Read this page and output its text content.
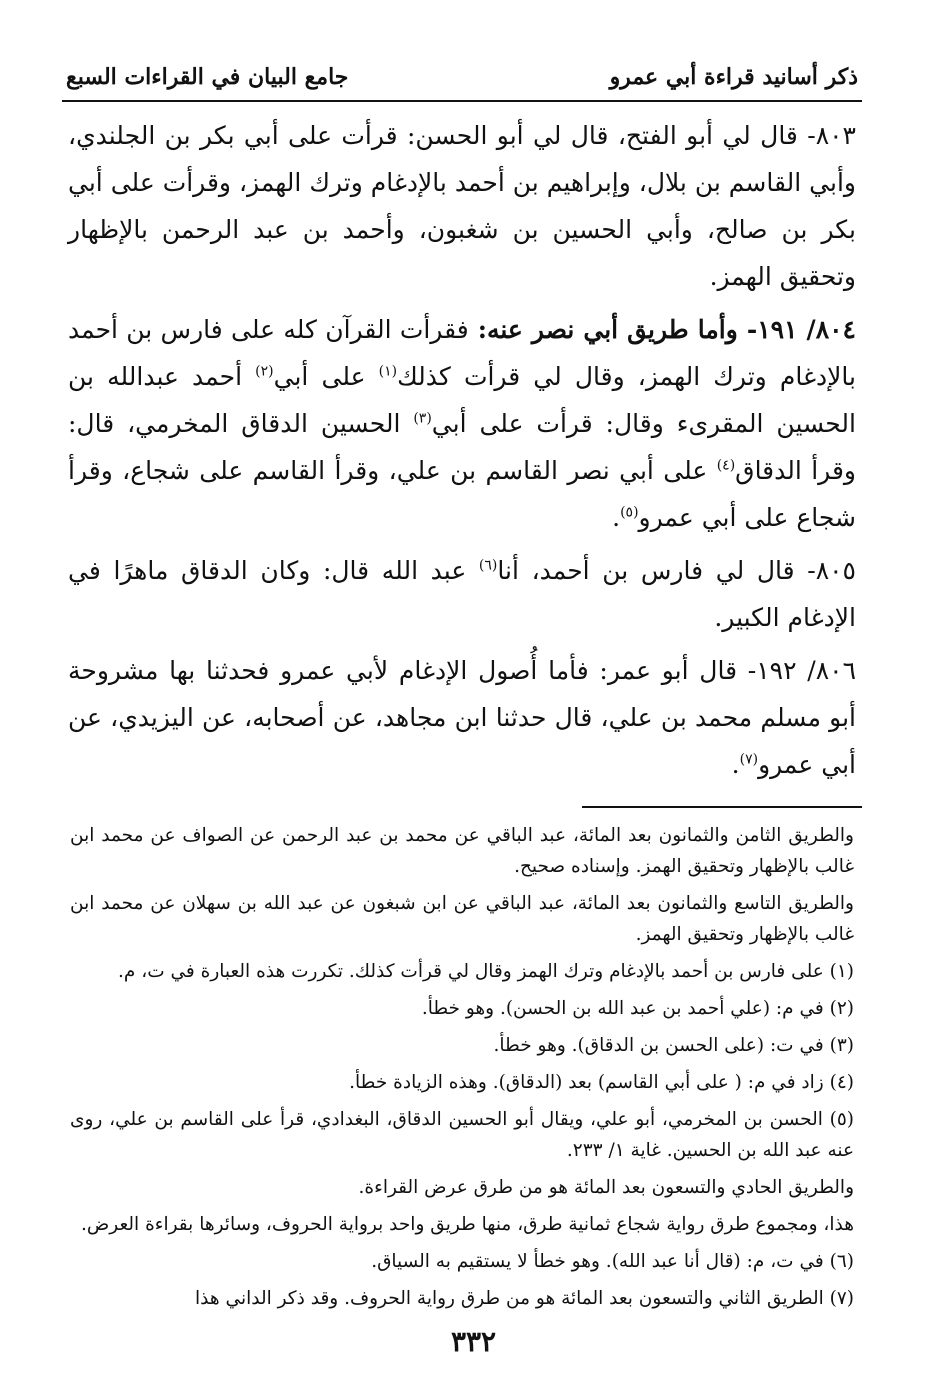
ذكر أسانيد قراءة أبي عمرو
جامع البيان في القراءات السبع

٨٠٣- قال لي أبو الفتح، قال لي أبو الحسن: قرأت على أبي بكر بن الجلندي، وأبي القاسم بن بلال، وإبراهيم بن أحمد بالإدغام وترك الهمز، وقرأت على أبي بكر بن صالح، وأبي الحسين بن شغبون، وأحمد بن عبد الرحمن بالإظهار وتحقيق الهمز.

٨٠٤/ ١٩١- وأما طريق أبي نصر عنه: فقرأت القرآن كله على فارس بن أحمد بالإدغام وترك الهمز، وقال لي قرأت كذلك$^{(١)}$ على أبي$^{(٢)}$ أحمد عبدالله بن الحسين المقرىء وقال: قرأت على أبي$^{(٣)}$ الحسين الدقاق المخرمي، قال: وقرأ الدقاق$^{(٤)}$ على أبي نصر القاسم بن علي، وقرأ القاسم على شجاع، وقرأ شجاع على أبي عمرو$^{(٥)}$.

٨٠٥- قال لي فارس بن أحمد، أنا$^{(٦)}$ عبد الله قال: وكان الدقاق ماهرًا في الإدغام الكبير.

٨٠٦/ ١٩٢- قال أبو عمر: فأما أُصول الإدغام لأبي عمرو فحدثنا بها مشروحة أبو مسلم محمد بن علي، قال حدثنا ابن مجاهد، عن أصحابه، عن اليزيدي، عن أبي عمرو$^{(٧)}$.

والطريق الثامن والثمانون بعد المائة، عبد الباقي عن محمد بن عبد الرحمن عن الصواف عن محمد ابن غالب بالإظهار وتحقيق الهمز. وإسناده صحيح.

والطريق التاسع والثمانون بعد المائة، عبد الباقي عن ابن شبغون عن عبد الله بن سهلان عن محمد ابن غالب بالإظهار وتحقيق الهمز.

(١) على فارس بن أحمد بالإدغام وترك الهمز وقال لي قرأت كذلك. تكررت هذه العبارة في ت، م.

(٢) في م: (علي أحمد بن عبد الله بن الحسن). وهو خطأ.

(٣) في ت: (على الحسن بن الدقاق). وهو خطأ.

(٤) زاد في م: ( على أبي القاسم) بعد (الدقاق). وهذه الزيادة خطأ.

(٥) الحسن بن المخرمي، أبو علي، ويقال أبو الحسين الدقاق، البغدادي، قرأ على القاسم بن علي، روى عنه عبد الله بن الحسين. غاية ١/ ٢٣٣.

والطريق الحادي والتسعون بعد المائة هو من طرق عرض القراءة.

هذا، ومجموع طرق رواية شجاع ثمانية طرق، منها طريق واحد برواية الحروف، وسائرها بقراءة العرض.

(٦) في ت، م: (قال أنا عبد الله). وهو خطأ لا يستقيم به السياق.

(٧) الطريق الثاني والتسعون بعد المائة هو من طرق رواية الحروف. وقد ذكر الداني هذا

٣٣٢
